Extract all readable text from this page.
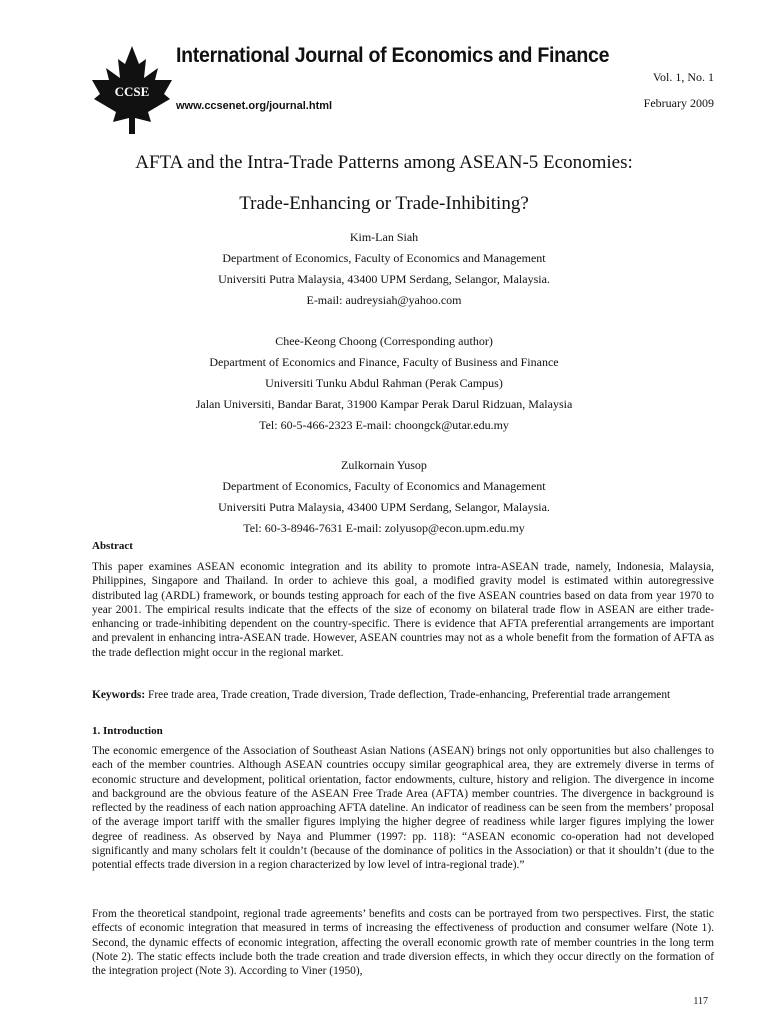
CCSE
International Journal of Economics and Finance
www.ccsenet.org/journal.html
Vol. 1, No. 1
February 2009
AFTA and the Intra-Trade Patterns among ASEAN-5 Economies:
Trade-Enhancing or Trade-Inhibiting?
Kim-Lan Siah
Department of Economics, Faculty of Economics and Management
Universiti Putra Malaysia, 43400 UPM Serdang, Selangor, Malaysia.
E-mail: audreysiah@yahoo.com
Chee-Keong Choong (Corresponding author)
Department of Economics and Finance, Faculty of Business and Finance
Universiti Tunku Abdul Rahman (Perak Campus)
Jalan Universiti, Bandar Barat, 31900 Kampar Perak Darul Ridzuan, Malaysia
Tel: 60-5-466-2323 E-mail: choongck@utar.edu.my
Zulkornain Yusop
Department of Economics, Faculty of Economics and Management
Universiti Putra Malaysia, 43400 UPM Serdang, Selangor, Malaysia.
Tel: 60-3-8946-7631 E-mail: zolyusop@econ.upm.edu.my
Abstract

This paper examines ASEAN economic integration and its ability to promote intra-ASEAN trade, namely, Indonesia, Malaysia, Philippines, Singapore and Thailand. In order to achieve this goal, a modified gravity model is estimated within autoregressive distributed lag (ARDL) framework, or bounds testing approach for each of the five ASEAN countries based on data from year 1970 to year 2001. The empirical results indicate that the effects of the size of economy on bilateral trade flow in ASEAN are either trade-enhancing or trade-inhibiting dependent on the country-specific. There is evidence that AFTA preferential arrangements are important and prevalent in enhancing intra-ASEAN trade. However, ASEAN countries may not as a whole benefit from the formation of AFTA as the trade deflection might occur in the regional market.

Keywords: Free trade area, Trade creation, Trade diversion, Trade deflection, Trade-enhancing, Preferential trade arrangement

1. Introduction

The economic emergence of the Association of Southeast Asian Nations (ASEAN) brings not only opportunities but also challenges to each of the member countries. Although ASEAN countries occupy similar geographical area, they are extremely diverse in terms of economic structure and development, political orientation, factor endowments, culture, history and religion. The divergence in income and background are the obvious feature of the ASEAN Free Trade Area (AFTA) member countries. The divergence in background is reflected by the readiness of each nation approaching AFTA dateline. An indicator of readiness can be seen from the members’ proposal of the average import tariff with the smaller figures implying the higher degree of readiness while larger figures implying the lower degree of readiness. As observed by Naya and Plummer (1997: pp. 118): “ASEAN economic co-operation had not developed significantly and many scholars felt it couldn’t (because of the dominance of politics in the Association) or that it shouldn’t (due to the potential effects trade diversion in a region characterized by low level of intra-regional trade).”

From the theoretical standpoint, regional trade agreements’ benefits and costs can be portrayed from two perspectives. First, the static effects of economic integration that measured in terms of increasing the effectiveness of production and consumer welfare (Note 1). Second, the dynamic effects of economic integration, affecting the overall economic growth rate of member countries in the long term (Note 2). The static effects include both the trade creation and trade diversion effects, in which they occur directly on the formation of the integration project (Note 3). According to Viner (1950),

117
